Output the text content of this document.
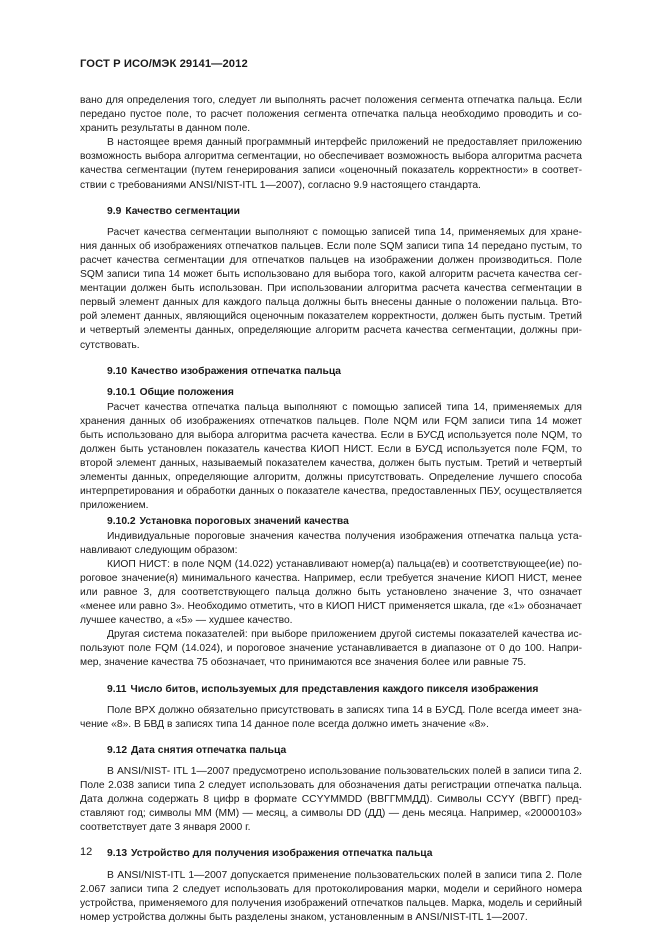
ГОСТ Р ИСО/МЭК 29141—2012

вано для определения того, следует ли выполнять расчет положения сегмента отпечатка пальца. Если передано пустое поле, то расчет положения сегмента отпечатка пальца необходимо проводить и со-хранить результаты в данном поле.

В настоящее время данный программный интерфейс приложений не предоставляет приложению возможность выбора алгоритма сегментации, но обеспечивает возможность выбора алгоритма расчета качества сегментации (путем генерирования записи «оценочный показатель корректности» в соответ-ствии с требованиями ANSI/NIST-ITL 1—2007), согласно 9.9 настоящего стандарта.

9.9 Качество сегментации

Расчет качества сегментации выполняют с помощью записей типа 14, применяемых для хране-ния данных об изображениях отпечатков пальцев. Если поле SQM записи типа 14 передано пустым, то расчет качества сегментации для отпечатков пальцев на изображении должен производиться. Поле SQM записи типа 14 может быть использовано для выбора того, какой алгоритм расчета качества сег-ментации должен быть использован. При использовании алгоритма расчета качества сегментации в первый элемент данных для каждого пальца должны быть внесены данные о положении пальца. Вто-рой элемент данных, являющийся оценочным показателем корректности, должен быть пустым. Третий и четвертый элементы данных, определяющие алгоритм расчета качества сегментации, должны при-сутствовать.

9.10 Качество изображения отпечатка пальца
9.10.1 Общие положения

Расчет качества отпечатка пальца выполняют с помощью записей типа 14, применяемых для хранения данных об изображениях отпечатков пальцев. Поле NQM или FQM записи типа 14 может быть использовано для выбора алгоритма расчета качества. Если в БУСД используется поле NQM, то должен быть установлен показатель качества КИОП НИСТ. Если в БУСД используется поле FQM, то второй элемент данных, называемый показателем качества, должен быть пустым. Третий и четвертый элементы данных, определяющие алгоритм, должны присутствовать. Определение лучшего способа интерпретирования и обработки данных о показателе качества, предоставленных ПБУ, осуществляется приложением.

9.10.2 Установка пороговых значений качества

Индивидуальные пороговые значения качества получения изображения отпечатка пальца уста-навливают следующим образом:

КИОП НИСТ: в поле NQM (14.022) устанавливают номер(а) пальца(ев) и соответствующее(ие) по-роговое значение(я) минимального качества. Например, если требуется значение КИОП НИСТ, менее или равное 3, для соответствующего пальца должно быть установлено значение 3, что означает «менее или равно 3». Необходимо отметить, что в КИОП НИСТ применяется шкала, где «1» обозначает лучшее качество, а «5» — худшее качество.

Другая система показателей: при выборе приложением другой системы показателей качества ис-пользуют поле FQM (14.024), и пороговое значение устанавливается в диапазоне от 0 до 100. Напри-мер, значение качества 75 обозначает, что принимаются все значения более или равные 75.

9.11 Число битов, используемых для представления каждого пикселя изображения

Поле BPX должно обязательно присутствовать в записях типа 14 в БУСД. Поле всегда имеет зна-чение «8». В БВД в записях типа 14 данное поле всегда должно иметь значение «8».

9.12 Дата снятия отпечатка пальца

В ANSI/NIST- ITL 1—2007 предусмотрено использование пользовательских полей в записи типа 2. Поле 2.038 записи типа 2 следует использовать для обозначения даты регистрации отпечатка пальца. Дата должна содержать 8 цифр в формате CCYYMMDD (ВВГГММДД). Символы CCYY (ВВГГ) пред-ставляют год; символы MM (ММ) — месяц, а символы DD (ДД) — день месяца. Например, «20000103» соответствует дате 3 января 2000 г.

9.13 Устройство для получения изображения отпечатка пальца

В ANSI/NIST-ITL 1—2007 допускается применение пользовательских полей в записи типа 2. Поле 2.067 записи типа 2 следует использовать для протоколирования марки, модели и серийного номера устройства, применяемого для получения изображений отпечатков пальцев. Марка, модель и серийный номер устройства должны быть разделены знаком, установленным в ANSI/NIST-ITL 1—2007.

12
